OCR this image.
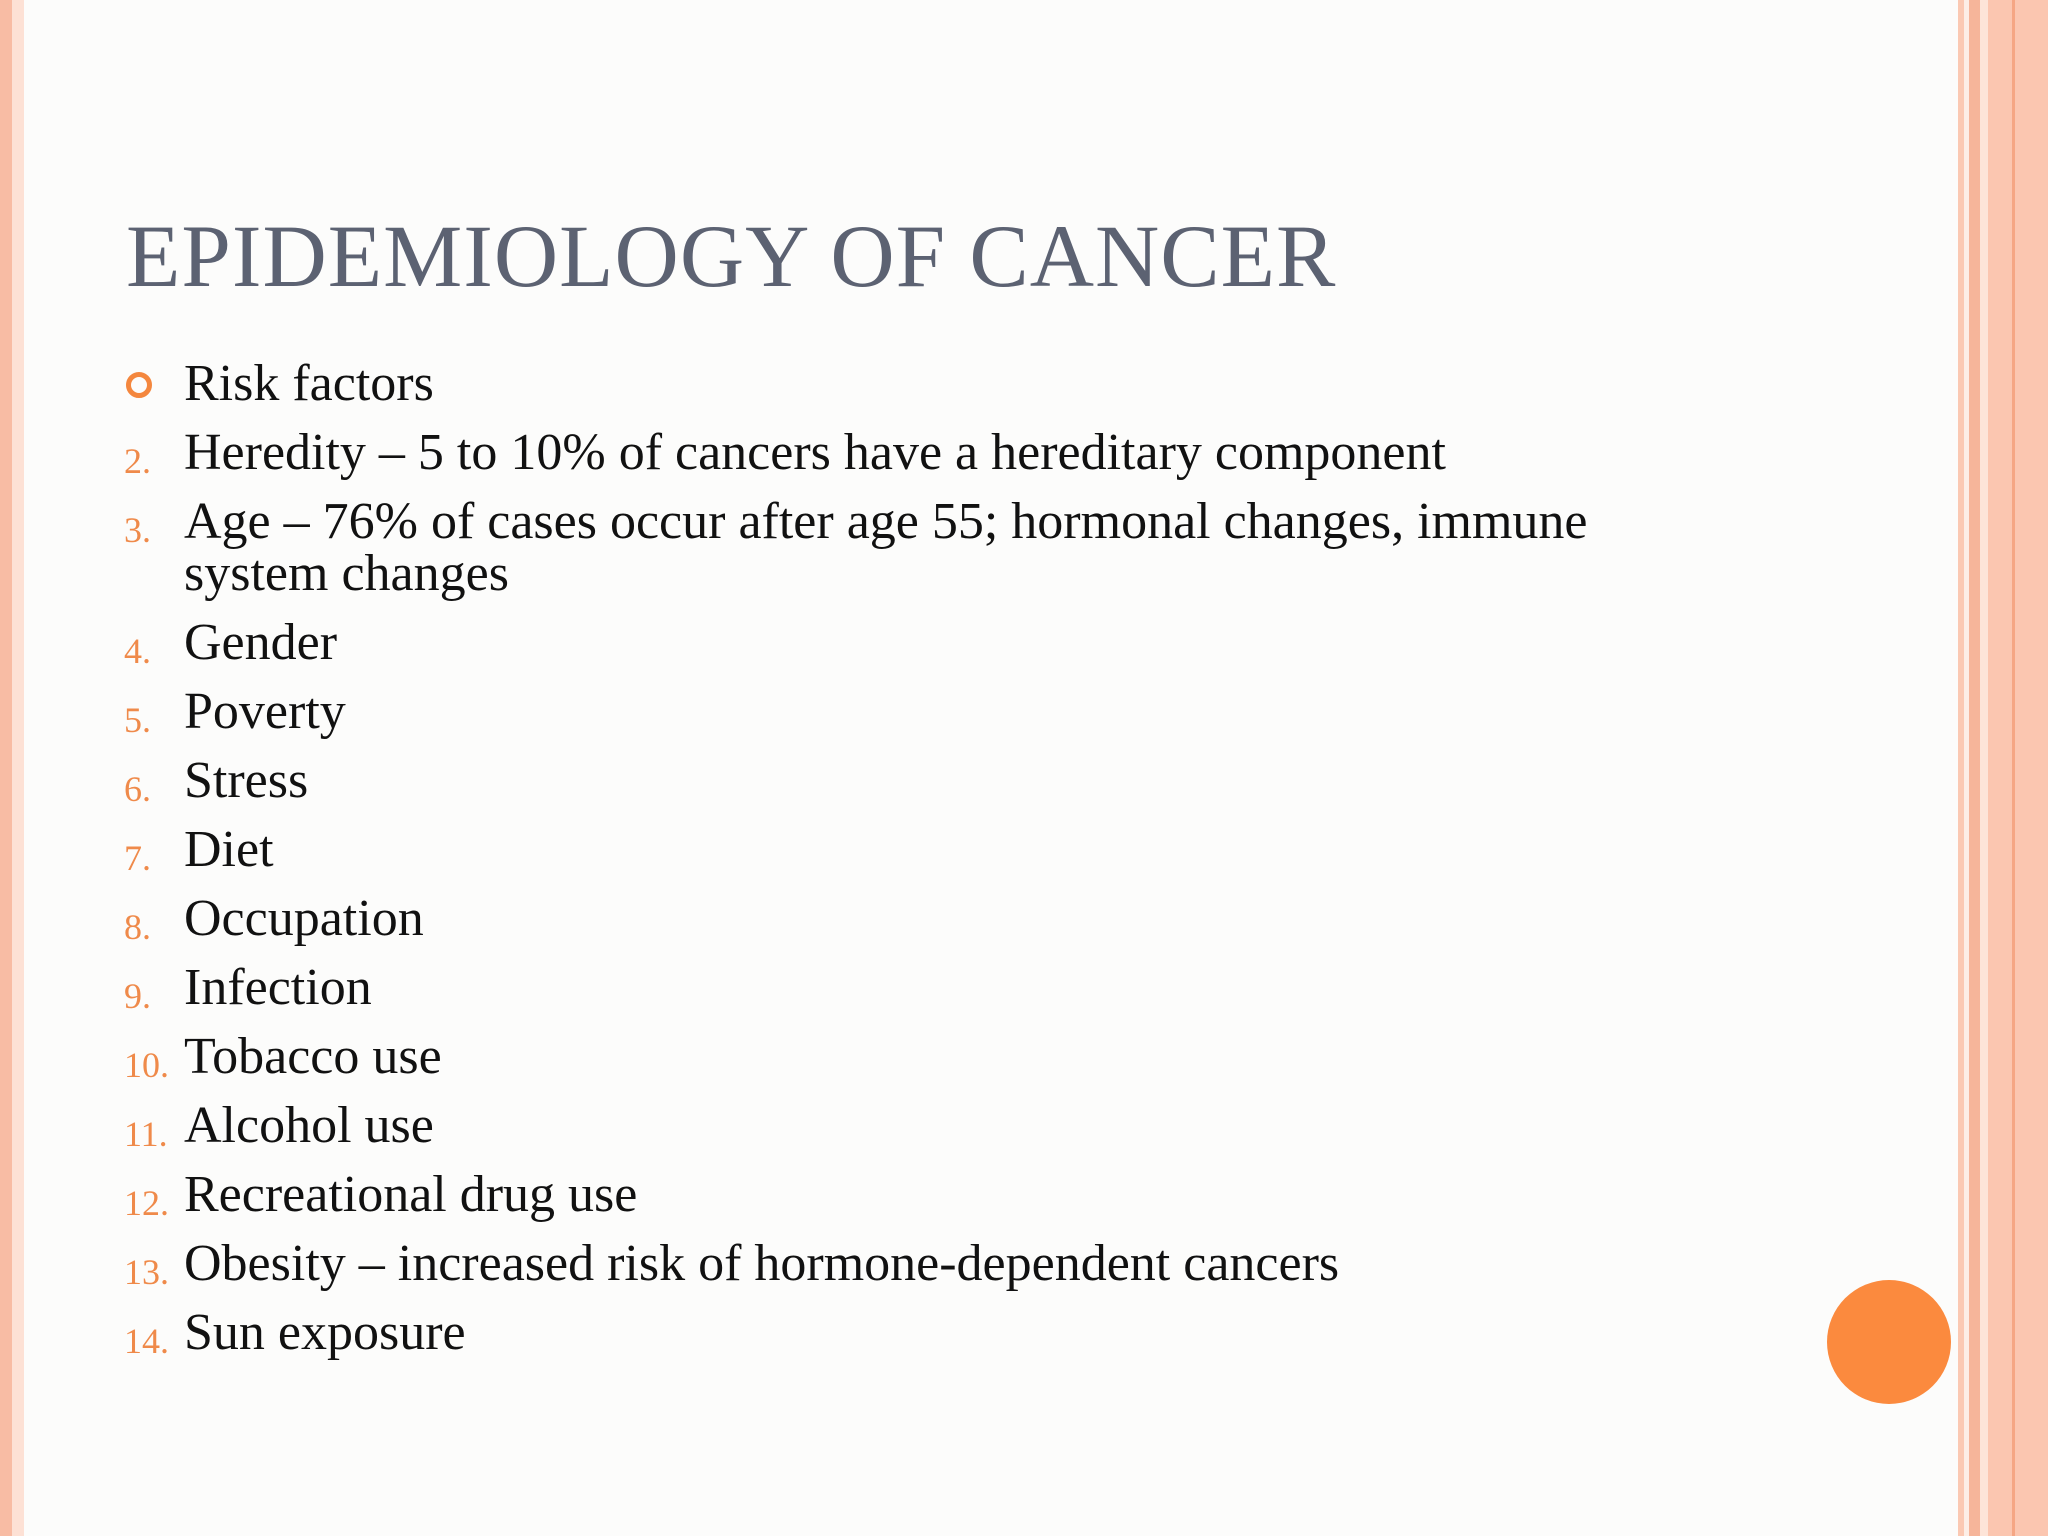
EPIDEMIOLOGY OF CANCER
Risk factors
2. Heredity – 5 to 10% of cancers have a hereditary component
3. Age – 76% of cases occur after age 55; hormonal changes, immune system changes
4. Gender
5. Poverty
6. Stress
7. Diet
8. Occupation
9. Infection
10. Tobacco use
11. Alcohol use
12. Recreational drug use
13. Obesity – increased risk of hormone-dependent cancers
14. Sun exposure
